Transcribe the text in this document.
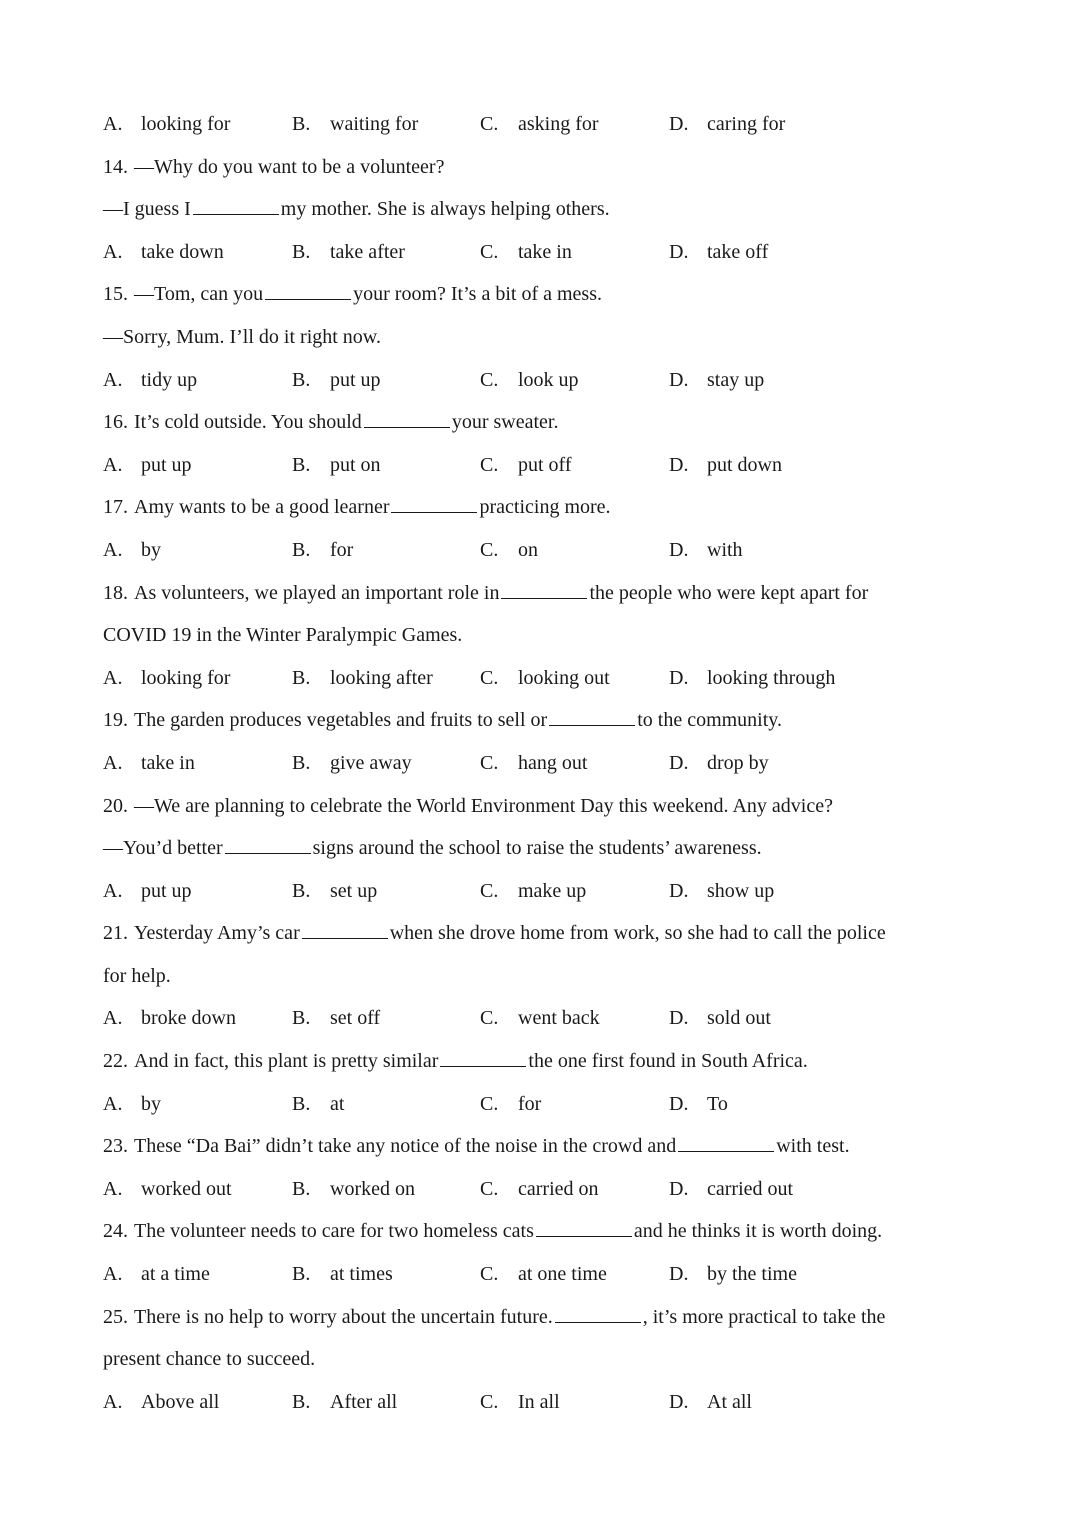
A. looking for	B. waiting for	C. asking for	D. caring for
14. —Why do you want to be a volunteer?
—I guess I	my mother. She is always helping others.
A. take down	B. take after	C. take in	D. take off
15. —Tom, can you	your room? It’s a bit of a mess.
—Sorry, Mum. I’ll do it right now.
A. tidy up	B. put up	C. look up	D. stay up
16. It’s cold outside. You should	your sweater.
A. put up	B. put on	C. put off	D. put down
17. Amy wants to be a good learner	practicing more.
A. by	B. for	C. on	D. with
18. As volunteers, we played an important role in	the people who were kept apart for
COVID 19 in the Winter Paralympic Games.
A. looking for	B. looking after C. looking out	D. looking through
19. The garden produces vegetables and fruits to sell or	to the community.
A. take in	B. give away	C. hang out	D. drop by
20. —We are planning to celebrate the World Environment Day this weekend. Any advice?
—You’d better	signs around the school to raise the students’ awareness.
A. put up	B. set up	C. make up	D. show up
21. Yesterday Amy’s car	when she drove home from work, so she had to call the police
for help.
A. broke down	B. set off	C. went back	D. sold out
22. And in fact, this plant is pretty similar	the one first found in South Africa.
A. by	B. at	C. for	D. To
23. These “Da Bai” didn’t take any notice of the noise in the crowd and	with test.
A. worked out	B. worked on	C. carried on	D. carried out
24. The volunteer needs to care for two homeless cats	and he thinks it is worth doing.
A. at a time	B. at times	C. at one time	D. by the time
25. There is no help to worry about the uncertain future.	, it’s more practical to take the
present chance to succeed.
A. Above all	B. After all	C. In all	D. At all
